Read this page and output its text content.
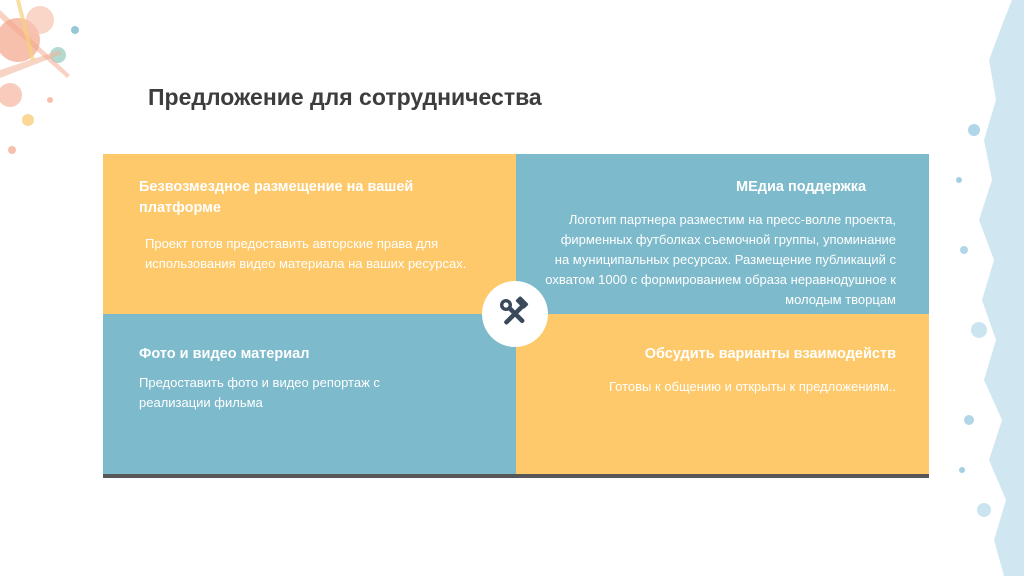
Предложение для сотрудничества
Безвозмездное размещение на вашей платформе

Проект готов предоставить авторские права для использования видео материала на ваших ресурсах.

МЕдиа поддержка

Логотип партнера разместим на пресс-волле проекта, фирменных футболках съемочной группы, упоминание на муниципальных ресурсах. Размещение публикаций с охватом 1000 с формированием образа неравнодушное к молодым творцам

Фото и видео материал

Предоставить фото и видео репортаж с реализации фильма

Обсудить варианты взаимодейств

Готовы к общению и открыты к предложениям..
